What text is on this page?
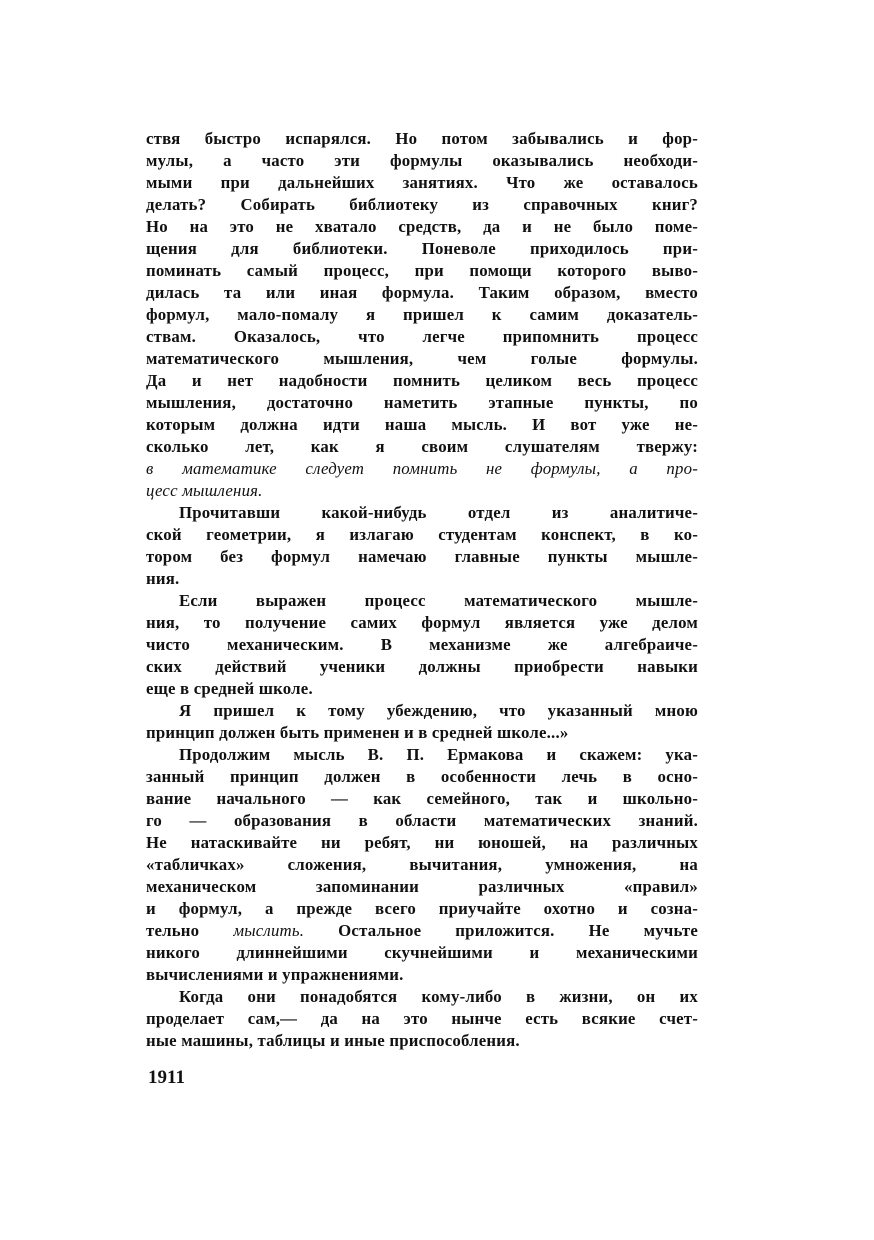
ствя быстро испарялся. Но потом забывались и фор-
мулы, а часто эти формулы оказывались необходи-
мыми при дальнейших занятиях. Что же оставалось
делать? Собирать библиотеку из справочных книг?
Но на это не хватало средств, да и не было поме-
щения для библиотеки. Поневоле приходилось при-
поминать самый процесс, при помощи которого выво-
дилась та или иная формула. Таким образом, вместо
формул, мало-помалу я пришел к самим доказатель-
ствам. Оказалось, что легче припомнить процесс
математического мышления, чем голые формулы.
Да и нет надобности помнить целиком весь процесс
мышления, достаточно наметить этапные пункты, по
которым должна идти наша мысль. И вот уже не-
сколько лет, как я своим слушателям твержу:
в математике следует помнить не формулы, а про-
цесс мышления.
Прочитавши какой-нибудь отдел из аналитиче-
ской геометрии, я излагаю студентам конспект, в ко-
тором без формул намечаю главные пункты мышле-
ния.
Если выражен процесс математического мышле-
ния, то получение самих формул является уже делом
чисто механическим. В механизме же алгебраиче-
ских действий ученики должны приобрести навыки
еще в средней школе.
Я пришел к тому убеждению, что указанный мною
принцип должен быть применен и в средней школе...»
Продолжим мысль В. П. Ермакова и скажем: ука-
занный принцип должен в особенности лечь в осно-
вание начального — как семейного, так и школьно-
го — образования в области математических знаний.
Не натаскивайте ни ребят, ни юношей, на различных
«табличках» сложения, вычитания, умножения, на
механическом запоминании различных «правил»
и формул, а прежде всего приучайте охотно и созна-
тельно мыслить. Остальное приложится. Не мучьте
никого длиннейшими скучнейшими и механическими
вычислениями и упражнениями.
Когда они понадобятся кому-либо в жизни, он их
проделает сам,— да на это нынче есть всякие счет-
ные машины, таблицы и иные приспособления.
1911
